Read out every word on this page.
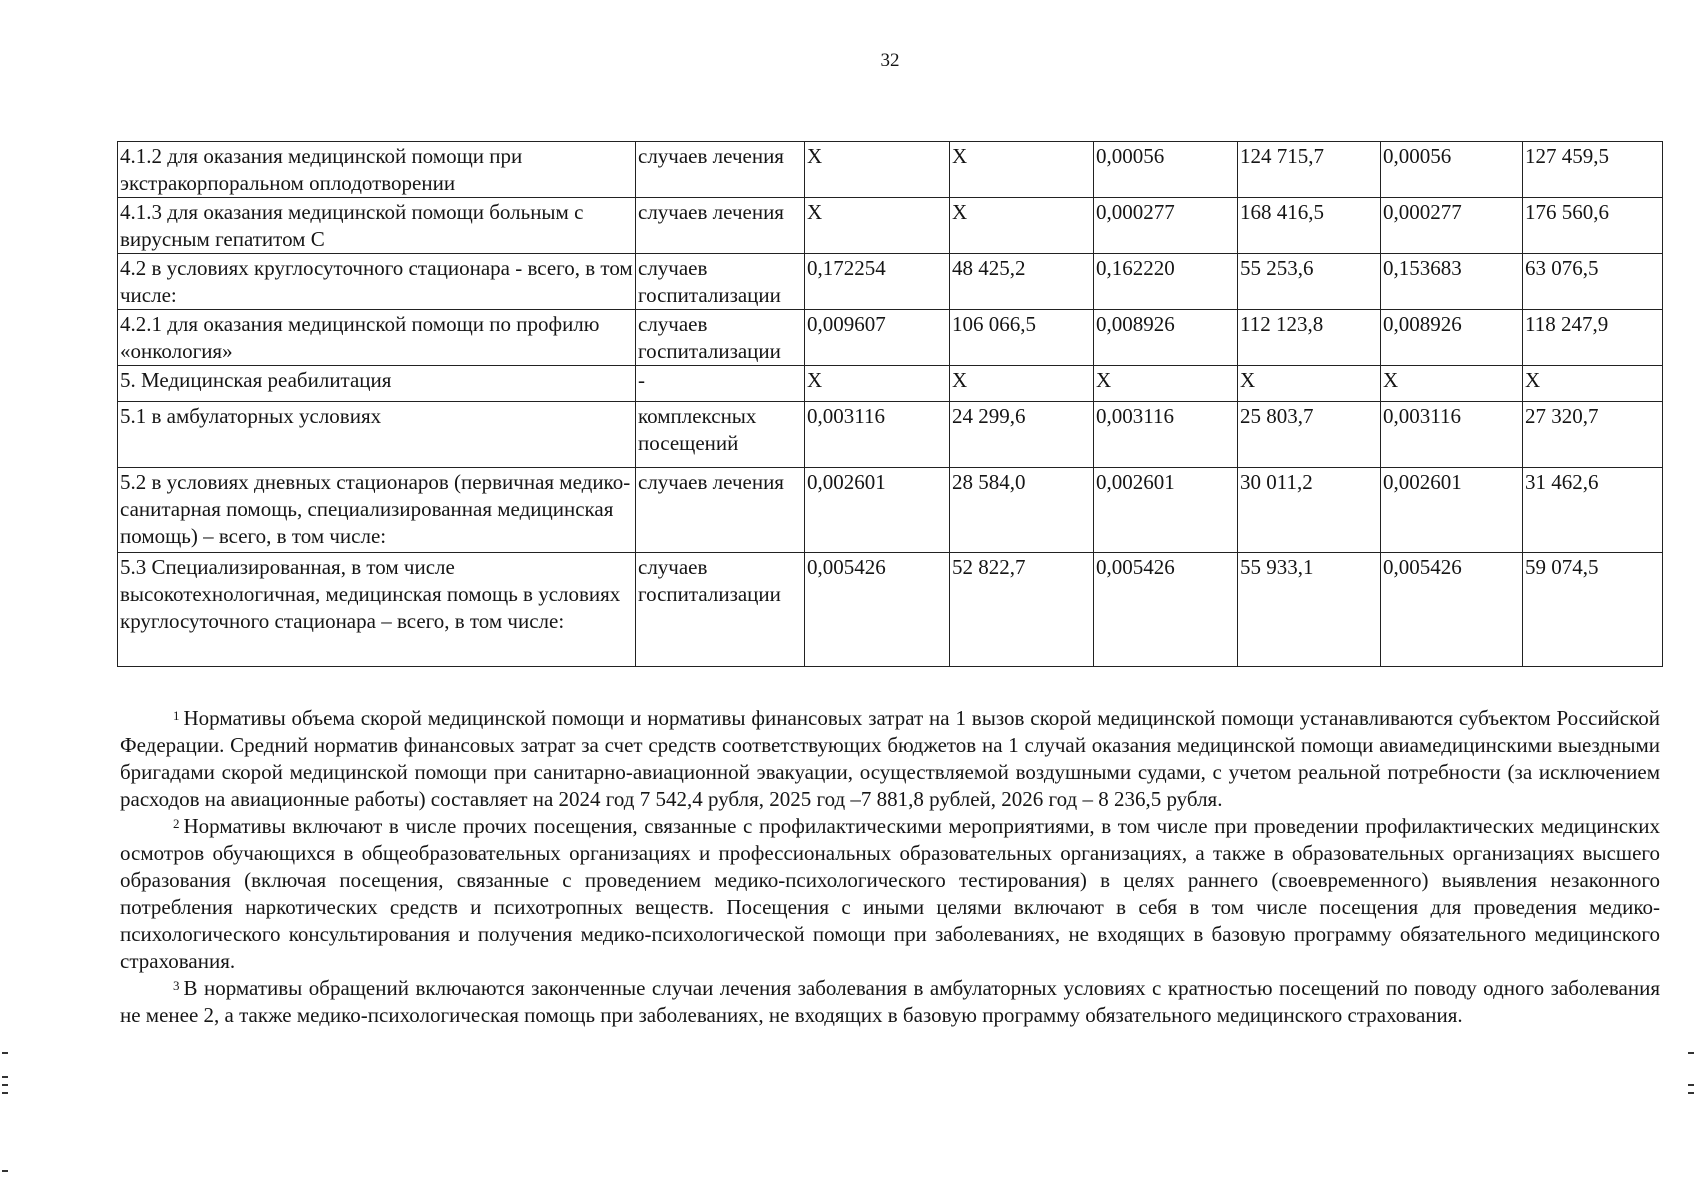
32
4.1.2 для оказания медицинской помощи при экстракорпоральном оплодотворении	случаев лечения	Х	Х	0,00056	124 715,7	0,00056	127 459,5
4.1.3 для оказания медицинской помощи больным с вирусным гепатитом С	случаев лечения	Х	Х	0,000277	168 416,5	0,000277	176 560,6
4.2 в условиях круглосуточного стационара - всего, в том числе:	случаев госпитализации	0,172254	48 425,2	0,162220	55 253,6	0,153683	63 076,5
4.2.1 для оказания медицинской помощи по профилю «онкология»	случаев госпитализации	0,009607	106 066,5	0,008926	112 123,8	0,008926	118 247,9
5. Медицинская реабилитация	-	Х	Х	Х	Х	Х	Х
5.1 в амбулаторных условиях	комплексных посещений	0,003116	24 299,6	0,003116	25 803,7	0,003116	27 320,7
5.2 в условиях дневных стационаров (первичная медико-санитарная помощь, специализированная медицинская помощь) – всего, в том числе:	случаев лечения	0,002601	28 584,0	0,002601	30 011,2	0,002601	31 462,6
5.3 Специализированная, в том числе высокотехнологичная, медицинская помощь в условиях круглосуточного стационара – всего, в том числе:	случаев госпитализации	0,005426	52 822,7	0,005426	55 933,1	0,005426	59 074,5

$^1$ Нормативы объема скорой медицинской помощи и нормативы финансовых затрат на 1 вызов скорой медицинской помощи устанавливаются субъектом Российской Федерации. Средний норматив финансовых затрат за счет средств соответствующих бюджетов на 1 случай оказания медицинской помощи авиамедицинскими выездными бригадами скорой медицинской помощи при санитарно-авиационной эвакуации, осуществляемой воздушными судами, с учетом реальной потребности (за исключением расходов на авиационные работы) составляет на 2024 год 7 542,4 рубля, 2025 год –7 881,8 рублей, 2026 год – 8 236,5 рубля.

$^2$ Нормативы включают в числе прочих посещения, связанные с профилактическими мероприятиями, в том числе при проведении профилактических медицинских осмотров обучающихся в общеобразовательных организациях и профессиональных образовательных организациях, а также в образовательных организациях высшего образования (включая посещения, связанные с проведением медико-психологического тестирования) в целях раннего (своевременного) выявления незаконного потребления наркотических средств и психотропных веществ. Посещения с иными целями включают в себя в том числе посещения для проведения медико-психологического консультирования и получения медико-психологической помощи при заболеваниях, не входящих в базовую программу обязательного медицинского страхования.

$^3$ В нормативы обращений включаются законченные случаи лечения заболевания в амбулаторных условиях с кратностью посещений по поводу одного заболевания не менее 2, а также медико-психологическая помощь при заболеваниях, не входящих в базовую программу обязательного медицинского страхования.
